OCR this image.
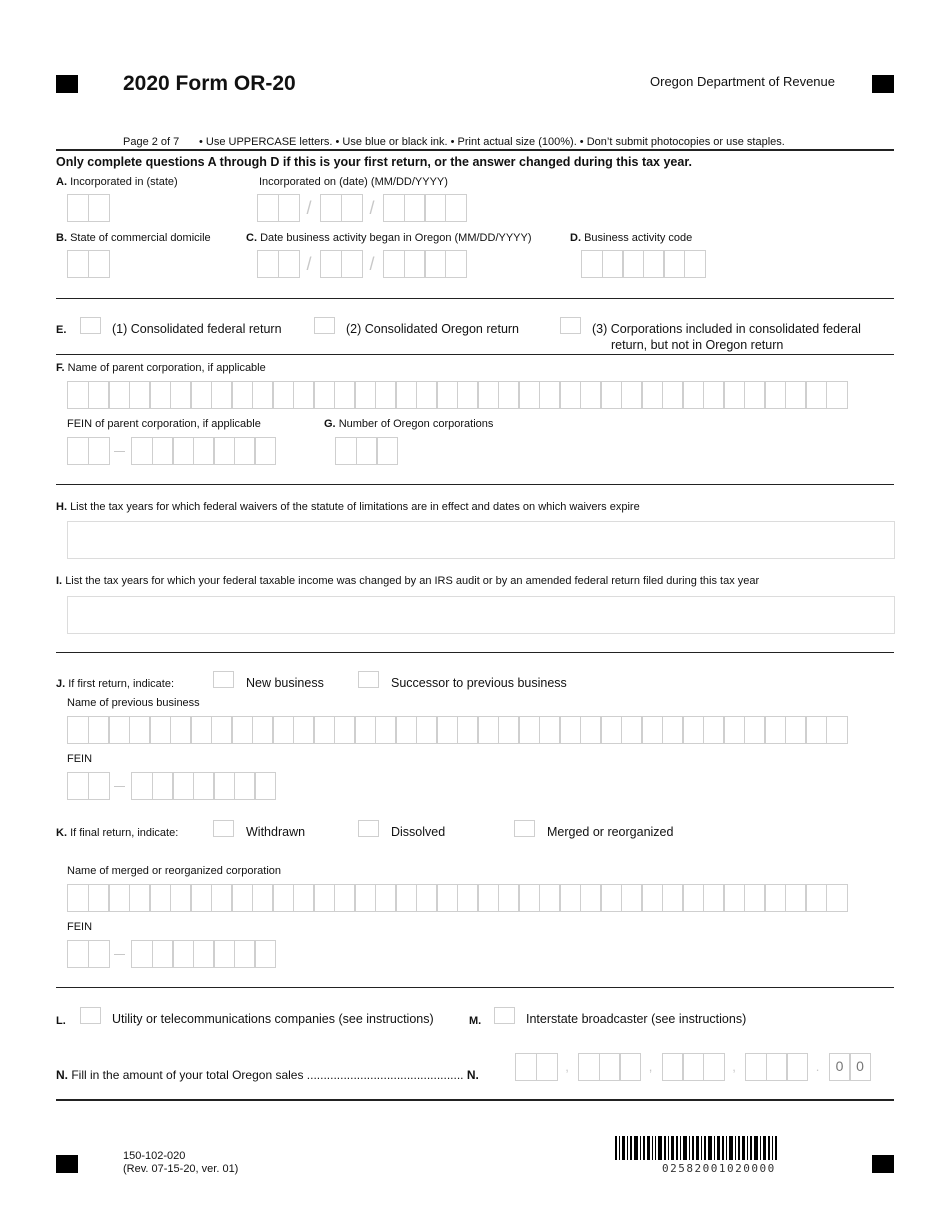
2020 Form OR-20	Oregon Department of Revenue
Page 2 of 7 • Use UPPERCASE letters. • Use blue or black ink. • Print actual size (100%). • Don’t submit photocopies or use staples.
Only complete questions A through D if this is your first return, or the answer changed during this tax year.
A. Incorporated in (state)	Incorporated on (date) (MM/DD/YYYY)
/	/
B. State of commercial domicile	C. Date business activity began in Oregon (MM/DD/YYYY)
/	/
D. Business activity code
E.	(1) Consolidated federal return	(2) Consolidated Oregon return	(3) Corporations included in consolidated federal
return, but not in Oregon return
F. Name of parent corporation, if applicable
FEIN of parent corporation, if applicable	G. Number of Oregon corporations
H. List the tax years for which federal waivers of the statute of limitations are in effect and dates on which waivers expire
I. List the tax years for which your federal taxable income was changed by an IRS audit or by an amended federal return filed during this tax year
J. If first return, indicate:	New business	Successor to previous business
Name of previous business
FEIN
K. If final return, indicate:	Withdrawn	Dissolved	Merged or reorganized
Name of merged or reorganized corporation
FEIN
L.	Utility or telecommunications companies (see instructions)	M.	Interstate broadcaster (see instructions)
N. Fill in the amount of your total Oregon sales ............................................... N.
,	,	,	.	0 0
150-102-020
(Rev. 07-15-20, ver. 01)	02582001020000
